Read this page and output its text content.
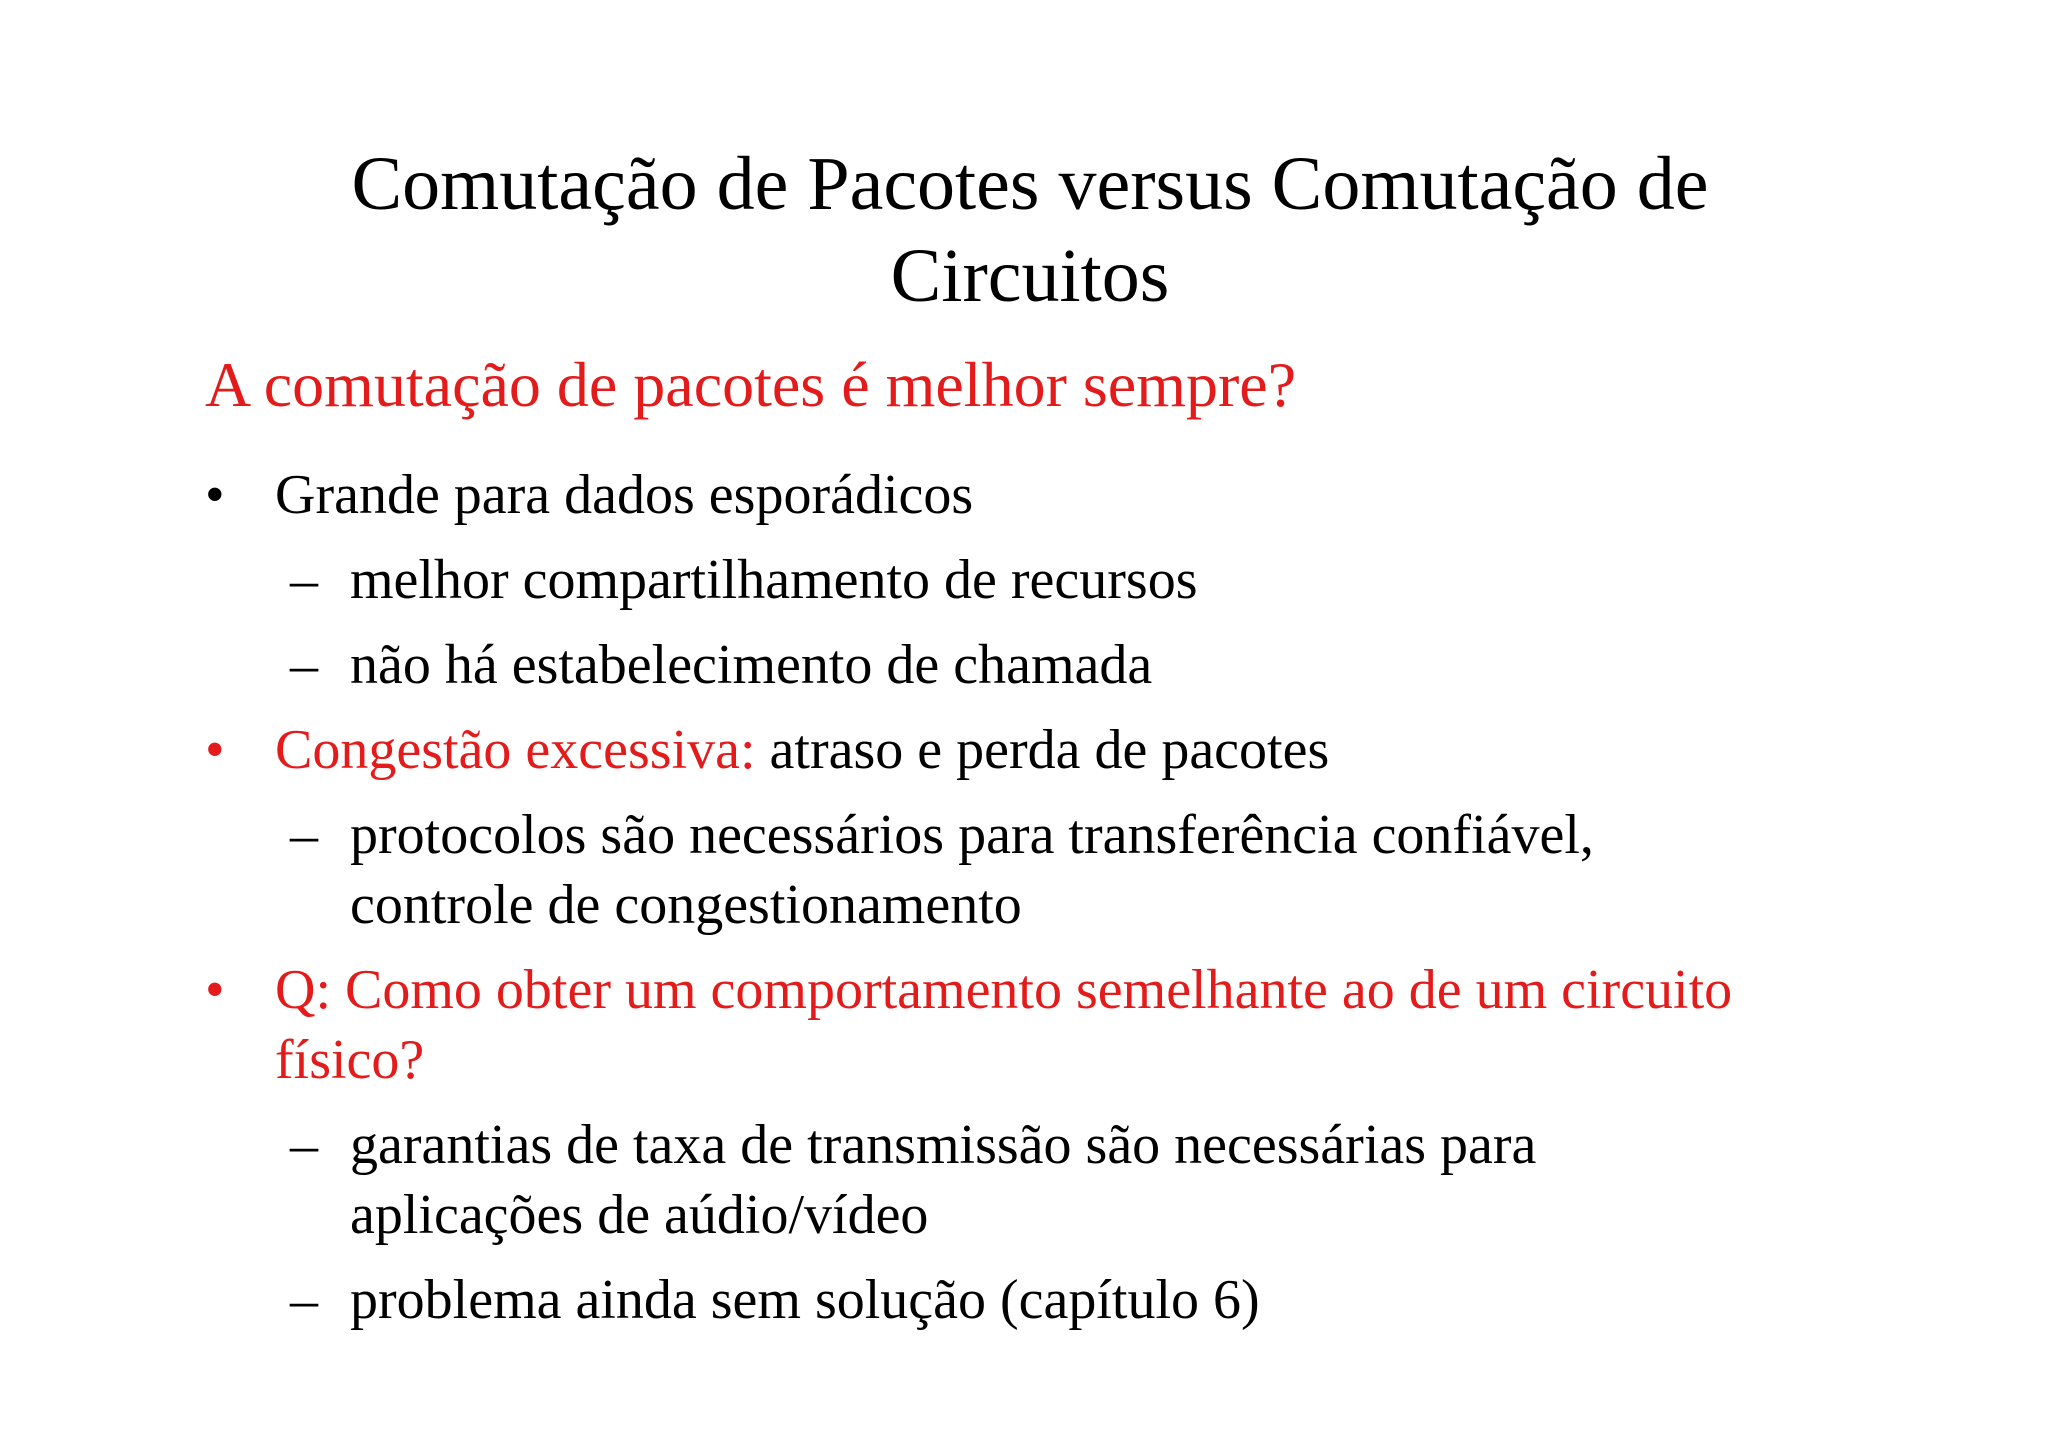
Comutação de Pacotes versus Comutação de
Circuitos
A comutação de pacotes é melhor sempre?
• Grande para dados esporádicos
– melhor compartilhamento de recursos
– não há estabelecimento de chamada
• Congestão excessiva: atraso e perda de pacotes
– protocolos são necessários para transferência confiável,
controle de congestionamento
• Q: Como obter um comportamento semelhante ao de um circuito
físico?
– garantias de taxa de transmissão são necessárias para
aplicações de aúdio/vídeo
– problema ainda sem solução (capítulo 6)
